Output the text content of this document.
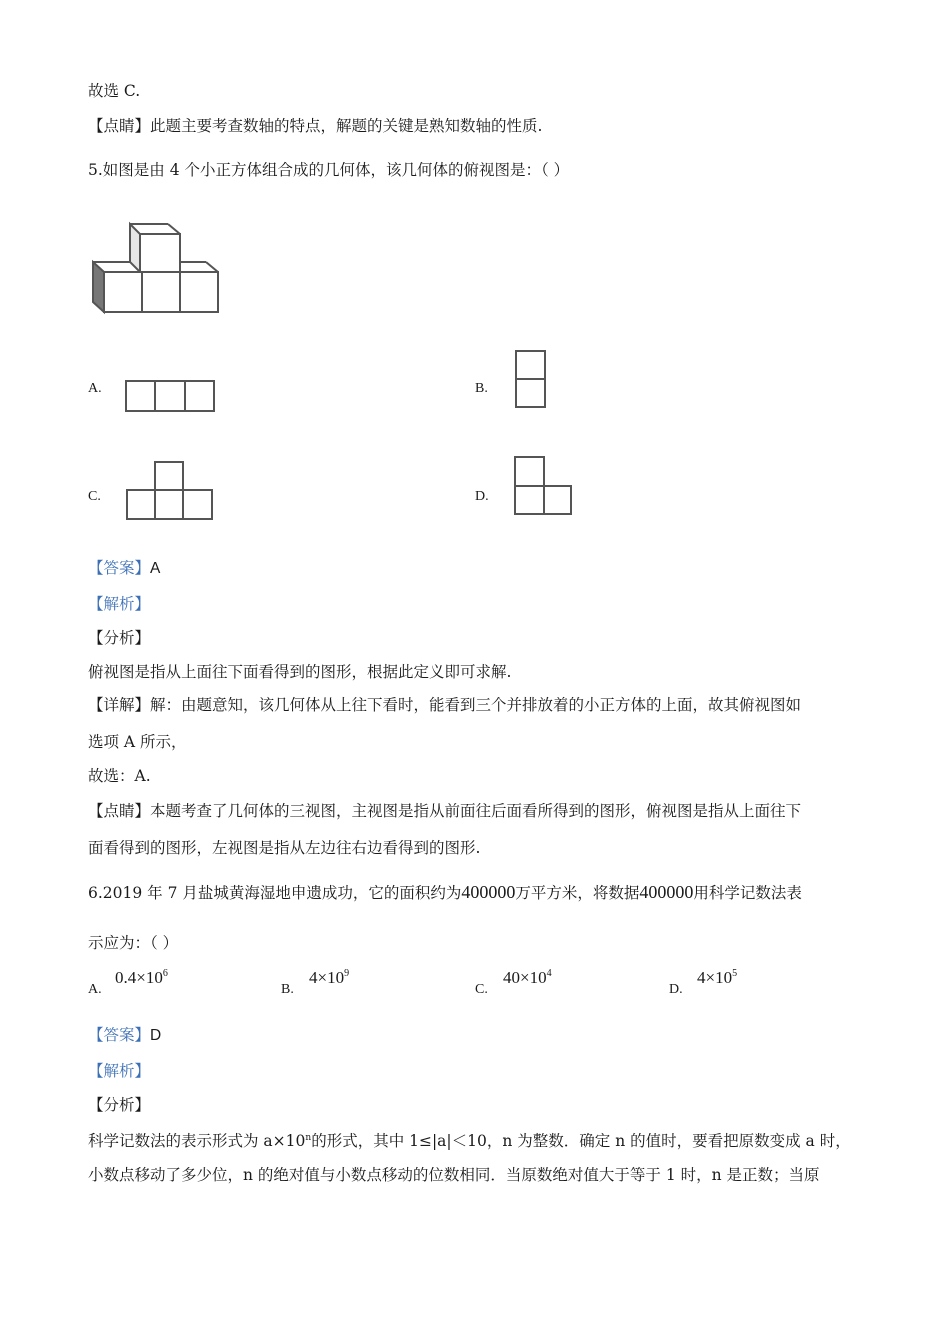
故选 C.
【点睛】此题主要考查数轴的特点，解题的关键是熟知数轴的性质.
5.如图是由 4 个小正方体组合成的几何体，该几何体的俯视图是：（ ）
A.	B.
C.	D.
【答案】A
【解析】
【分析】
俯视图是指从上面往下面看得到的图形，根据此定义即可求解.
【详解】解：由题意知，该几何体从上往下看时，能看到三个并排放着的小正方体的上面，故其俯视图如
选项 A 所示，
故选：A.
【点睛】本题考查了几何体的三视图，主视图是指从前面往后面看所得到的图形，俯视图是指从上面往下
面看得到的图形，左视图是指从左边往右边看得到的图形.
6.2019 年 7 月盐城黄海湿地申遗成功，它的面积约为400000万平方米，将数据400000用科学记数法表
示应为：（ ）
A.
$0.4\times 10^6$
B.
$4\times 10^9$
C.
$40\times 10^4$
D.
$4\times 10^5$
【答案】D
【解析】
【分析】
科学记数法的表示形式为 $a\times 10^n$的形式，其中 1≤|a|＜10，n 为整数．确定 n 的值时，要看把原数变成 a 时，
小数点移动了多少位，n 的绝对值与小数点移动的位数相同．当原数绝对值大于等于 1 时，n 是正数；当原
